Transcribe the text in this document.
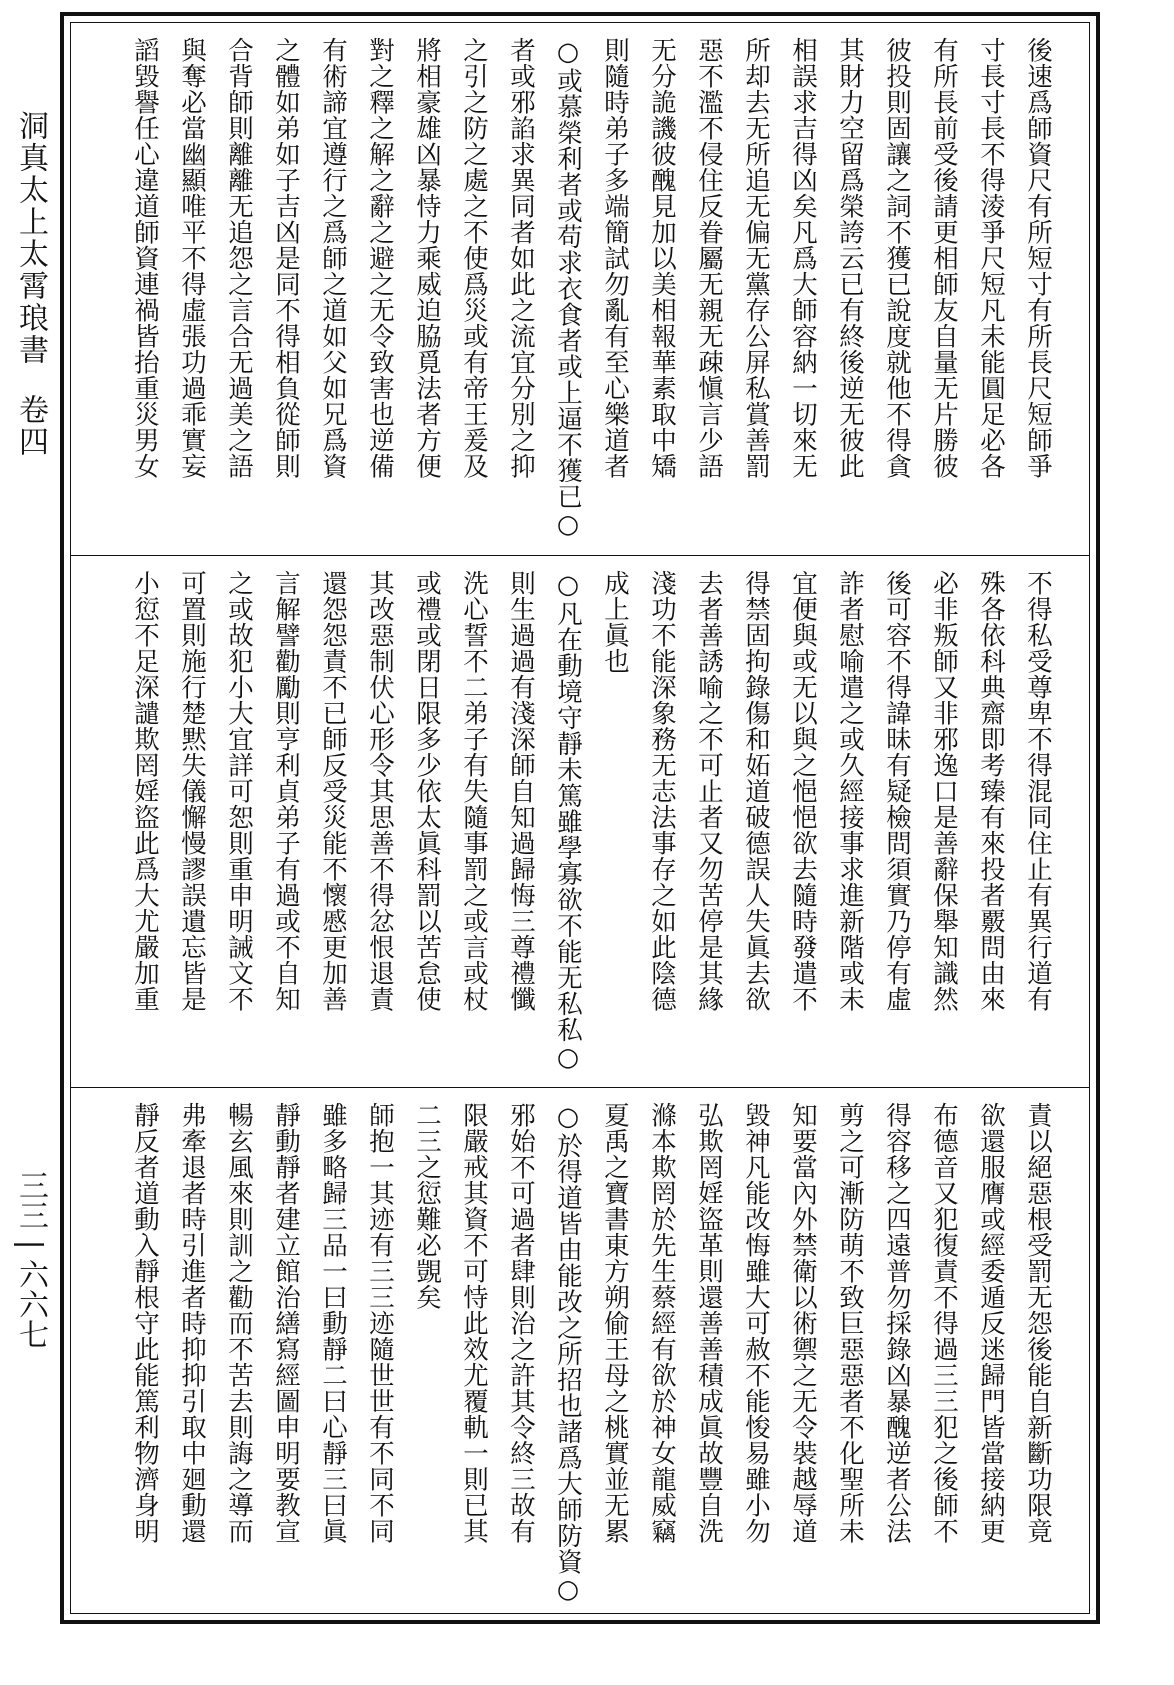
洞真太上太霄琅書卷四
三三 | 六六七
後速爲師資尺有所短寸有所長尺短師爭
寸長寸長不得淩爭尺短凡未能圓足必各
有所長前受後請更相師友自量无片勝彼
彼投則固讓之詞不獲已說度就他不得貪
其財力空留爲榮誇云已有終後逆无彼此
相誤求吉得凶矣凡爲大師容納一切來无
所却去无所追无偏无黨存公屏私賞善罰
惡不濫不侵住反眷屬无親无疎愼言少語
无分詭譏彼醜見加以美相報華素取中矯
則隨時弟子多端簡試勿亂有至心樂道者
○或慕榮利者或苟求衣食者或上逼不獲已○
者或邪諂求異同者如此之流宜分別之抑
之引之防之處之不使爲災或有帝王爰及
將相豪雄凶暴恃力乘威迫脇覓法者方便
對之釋之解之辭之避之无令致害也逆備
有術諦宜遵行之爲師之道如父如兄爲資
之體如弟如子吉凶是同不得相負從師則
合背師則離離无追怨之言合无過美之語
與奪必當幽顯唯平不得虛張功過乖實妄
謟毀譽任心違道師資連禍皆抬重災男女
不得私受尊卑不得混同住止有異行道有
殊各依科典齋即考臻有來投者覈問由來
必非叛師又非邪逸口是善辭保舉知識然
後可容不得諱昧有疑檢問須實乃停有虛
詐者慰喻遣之或久經接事求進新階或未
宜便與或无以與之悒悒欲去隨時發遣不
得禁固拘錄傷和妬道破德誤人失眞去欲
去者善誘喻之不可止者又勿苦停是其緣
淺功不能深象務无志法事存之如此陰德
成上眞也
○凡在動境守靜未篤雖學寡欲不能无私私○
則生過過有淺深師自知過歸悔三尊禮懺
洗心誓不二弟子有失隨事罰之或言或杖
或禮或閉日限多少依太眞科罰以苦怠使
其改惡制伏心形令其思善不得忿恨退責
還怨怨責不已師反受災能不懷慼更加善
言解譬勸勵則亨利貞弟子有過或不自知
之或故犯小大宜詳可恕則重申明誡文不
可置則施行楚黙失儀懈慢謬誤遺忘皆是
小愆不足深譴欺罔婬盜此爲大尤嚴加重
責以絕惡根受罰无怨後能自新斷功限竟
欲還服膺或經委遁反迷歸門皆當接納更
布德音又犯復責不得過三三犯之後師不
得容移之四遠普勿採錄凶暴醜逆者公法
剪之可漸防萌不致巨惡惡者不化聖所未
知要當內外禁衛以術禦之无令裝越辱道
毀神凡能改悔雖大可赦不能悛易雖小勿
弘欺罔婬盜革則還善善積成眞故豐自洗
滌本欺罔於先生蔡經有欲於神女龍威竊
夏禹之寶書東方朔偷王母之桃實並无累
○於得道皆由能改之所招也諸爲大師防資○
邪始不可過者肆則治之許其令終三故有
限嚴戒其資不可恃此效尤覆軌一則已其
二三之愆難必覬矣
師抱一其迹有三三迹隨世世有不同不同
雖多略歸三品一曰動靜二曰心靜三曰眞
靜動靜者建立館治繕寫經圖申明要教宣
暢玄風來則訓之勸而不苦去則誨之導而
弗牽退者時引進者時抑抑引取中廻動還
靜反者道動入靜根守此能篤利物濟身明
